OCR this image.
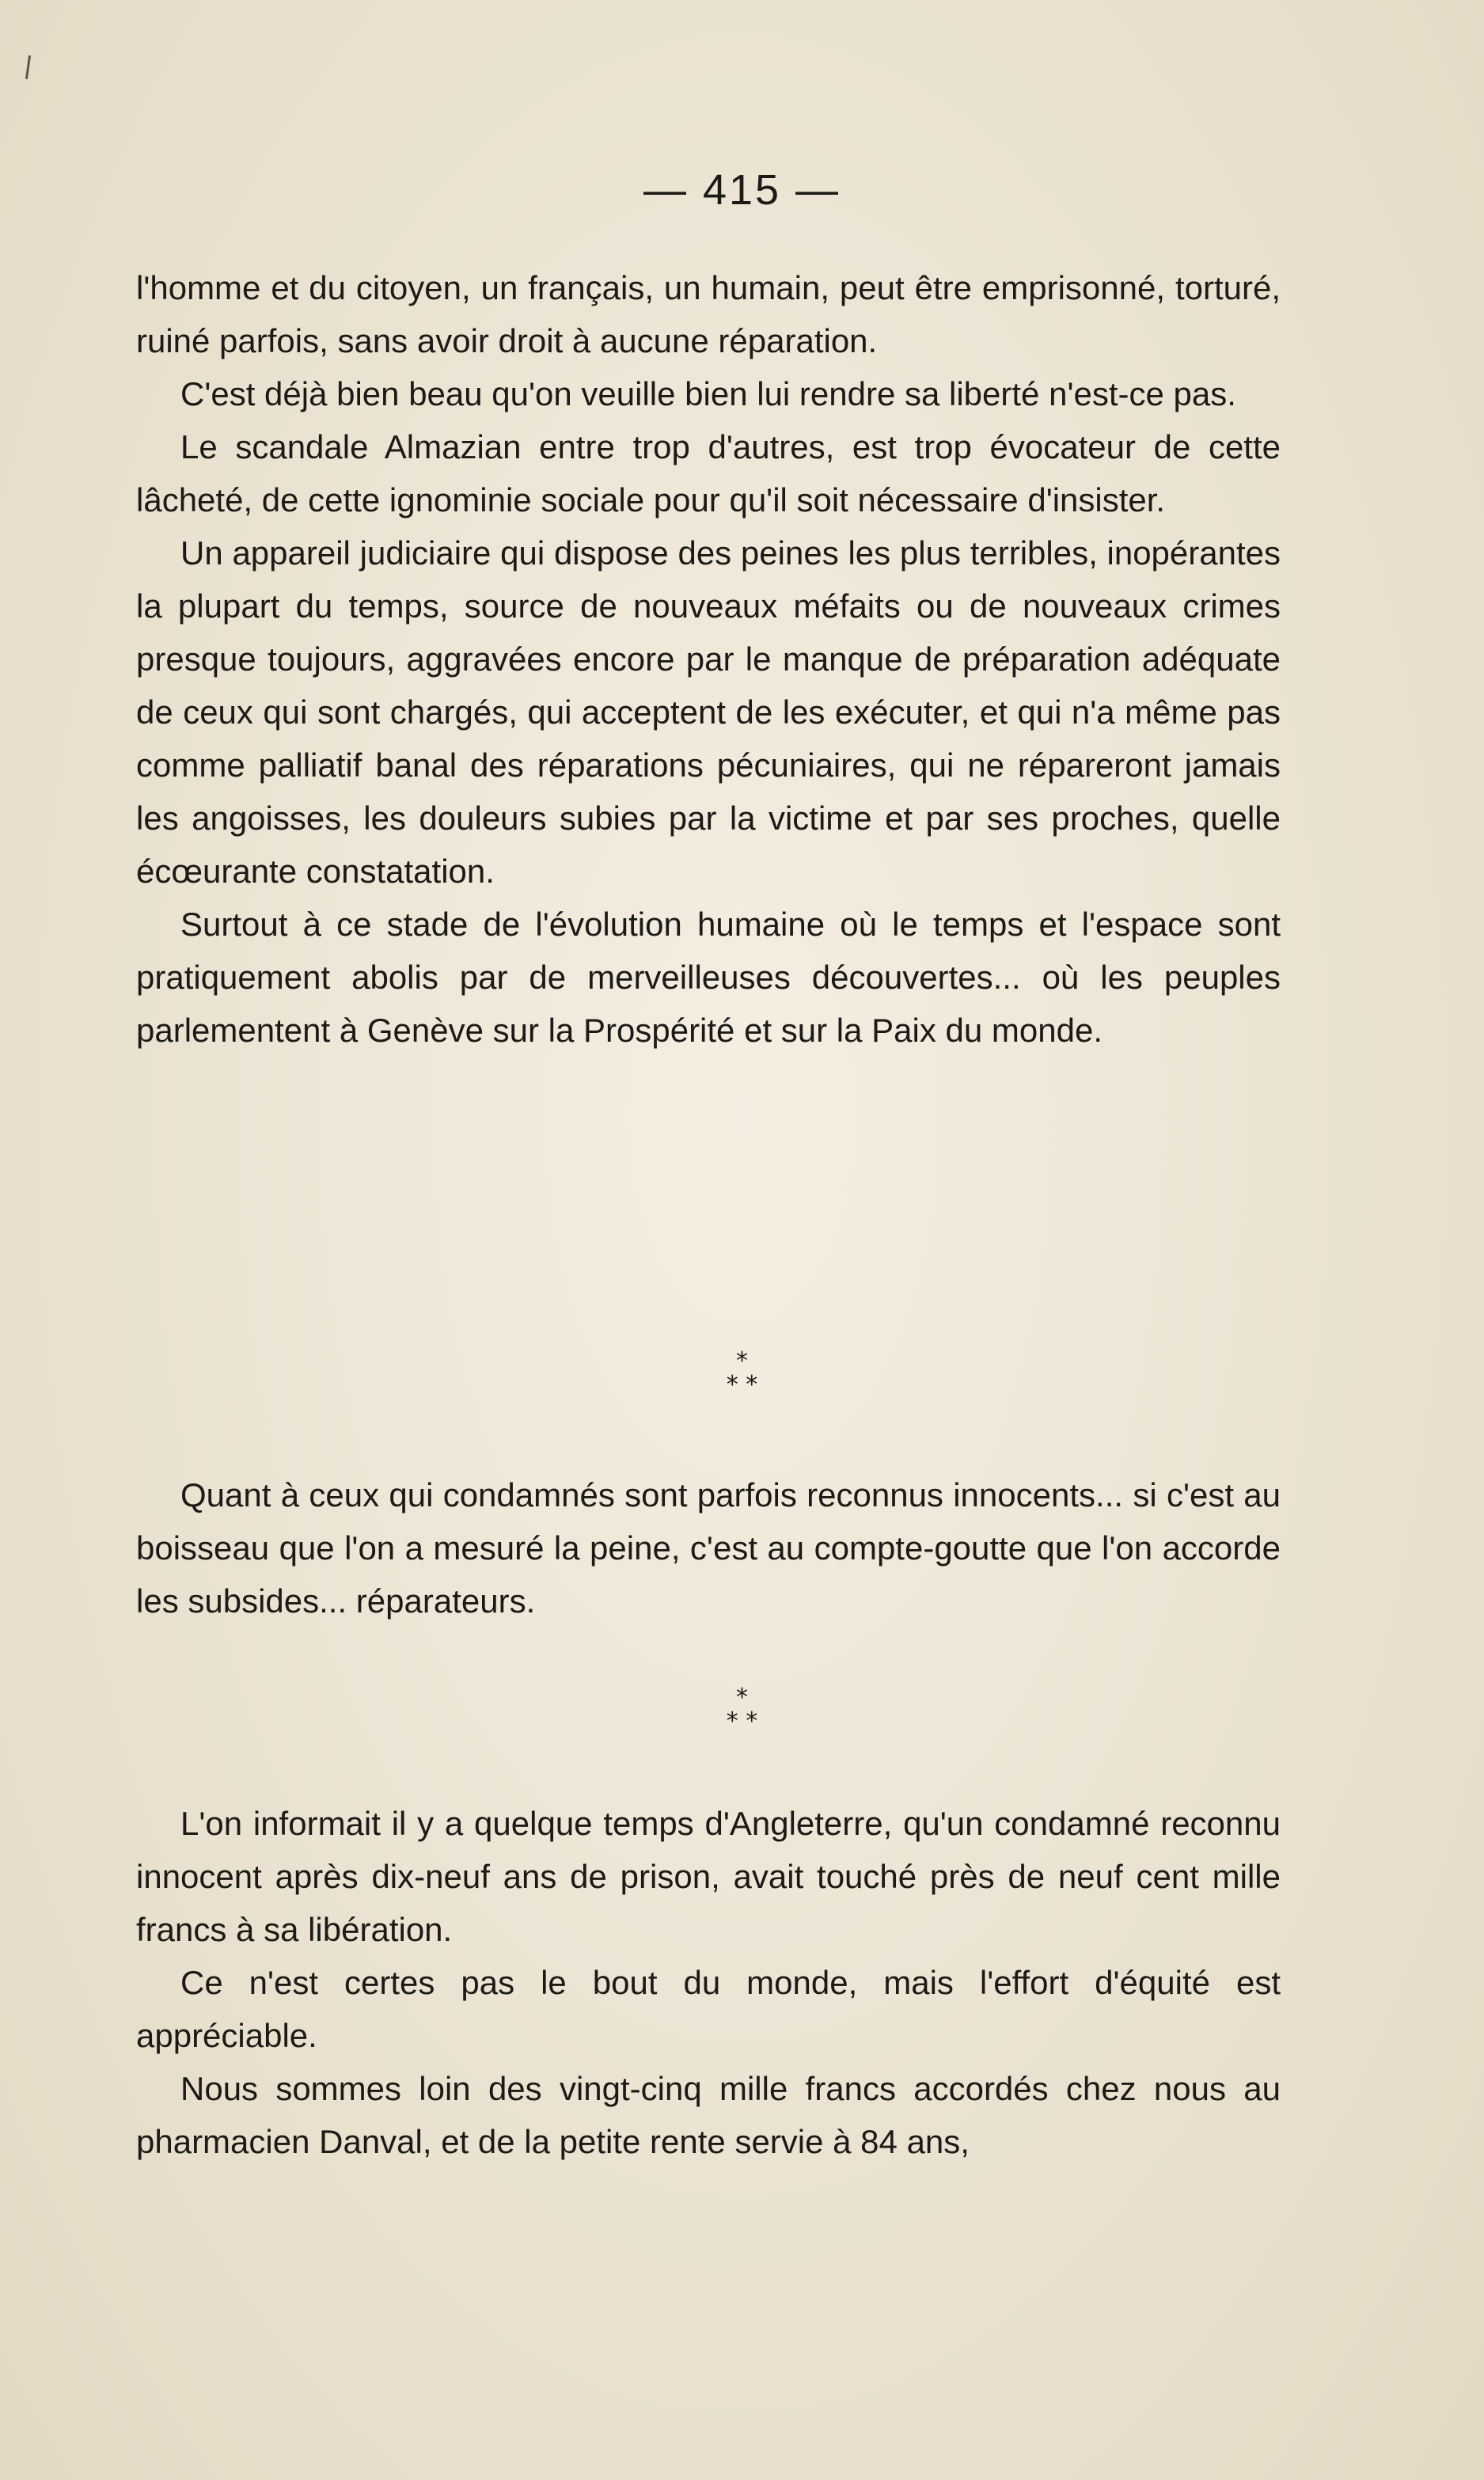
— 415 —

l'homme et du citoyen, un français, un humain, peut être emprisonné, torturé, ruiné parfois, sans avoir droit à aucune réparation.

C'est déjà bien beau qu'on veuille bien lui rendre sa liberté n'est-ce pas.

Le scandale Almazian entre trop d'autres, est trop évocateur de cette lâcheté, de cette ignominie sociale pour qu'il soit nécessaire d'insister.

Un appareil judiciaire qui dispose des peines les plus terribles, inopérantes la plupart du temps, source de nouveaux méfaits ou de nouveaux crimes presque toujours, aggravées encore par le manque de préparation adéquate de ceux qui sont chargés, qui acceptent de les exécuter, et qui n'a même pas comme palliatif banal des réparations pécuniaires, qui ne répareront jamais les angoisses, les douleurs subies par la victime et par ses proches, quelle écœurante constatation.

Surtout à ce stade de l'évolution humaine où le temps et l'espace sont pratiquement abolis par de merveilleuses découvertes... où les peuples parlementent à Genève sur la Prospérité et sur la Paix du monde.

*
* *

Quant à ceux qui condamnés sont parfois reconnus innocents... si c'est au boisseau que l'on a mesuré la peine, c'est au compte-goutte que l'on accorde les subsides... réparateurs.

*
* *

L'on informait il y a quelque temps d'Angleterre, qu'un condamné reconnu innocent après dix-neuf ans de prison, avait touché près de neuf cent mille francs à sa libération.

Ce n'est certes pas le bout du monde, mais l'effort d'équité est appréciable.

Nous sommes loin des vingt-cinq mille francs accordés chez nous au pharmacien Danval, et de la petite rente servie à 84 ans,
